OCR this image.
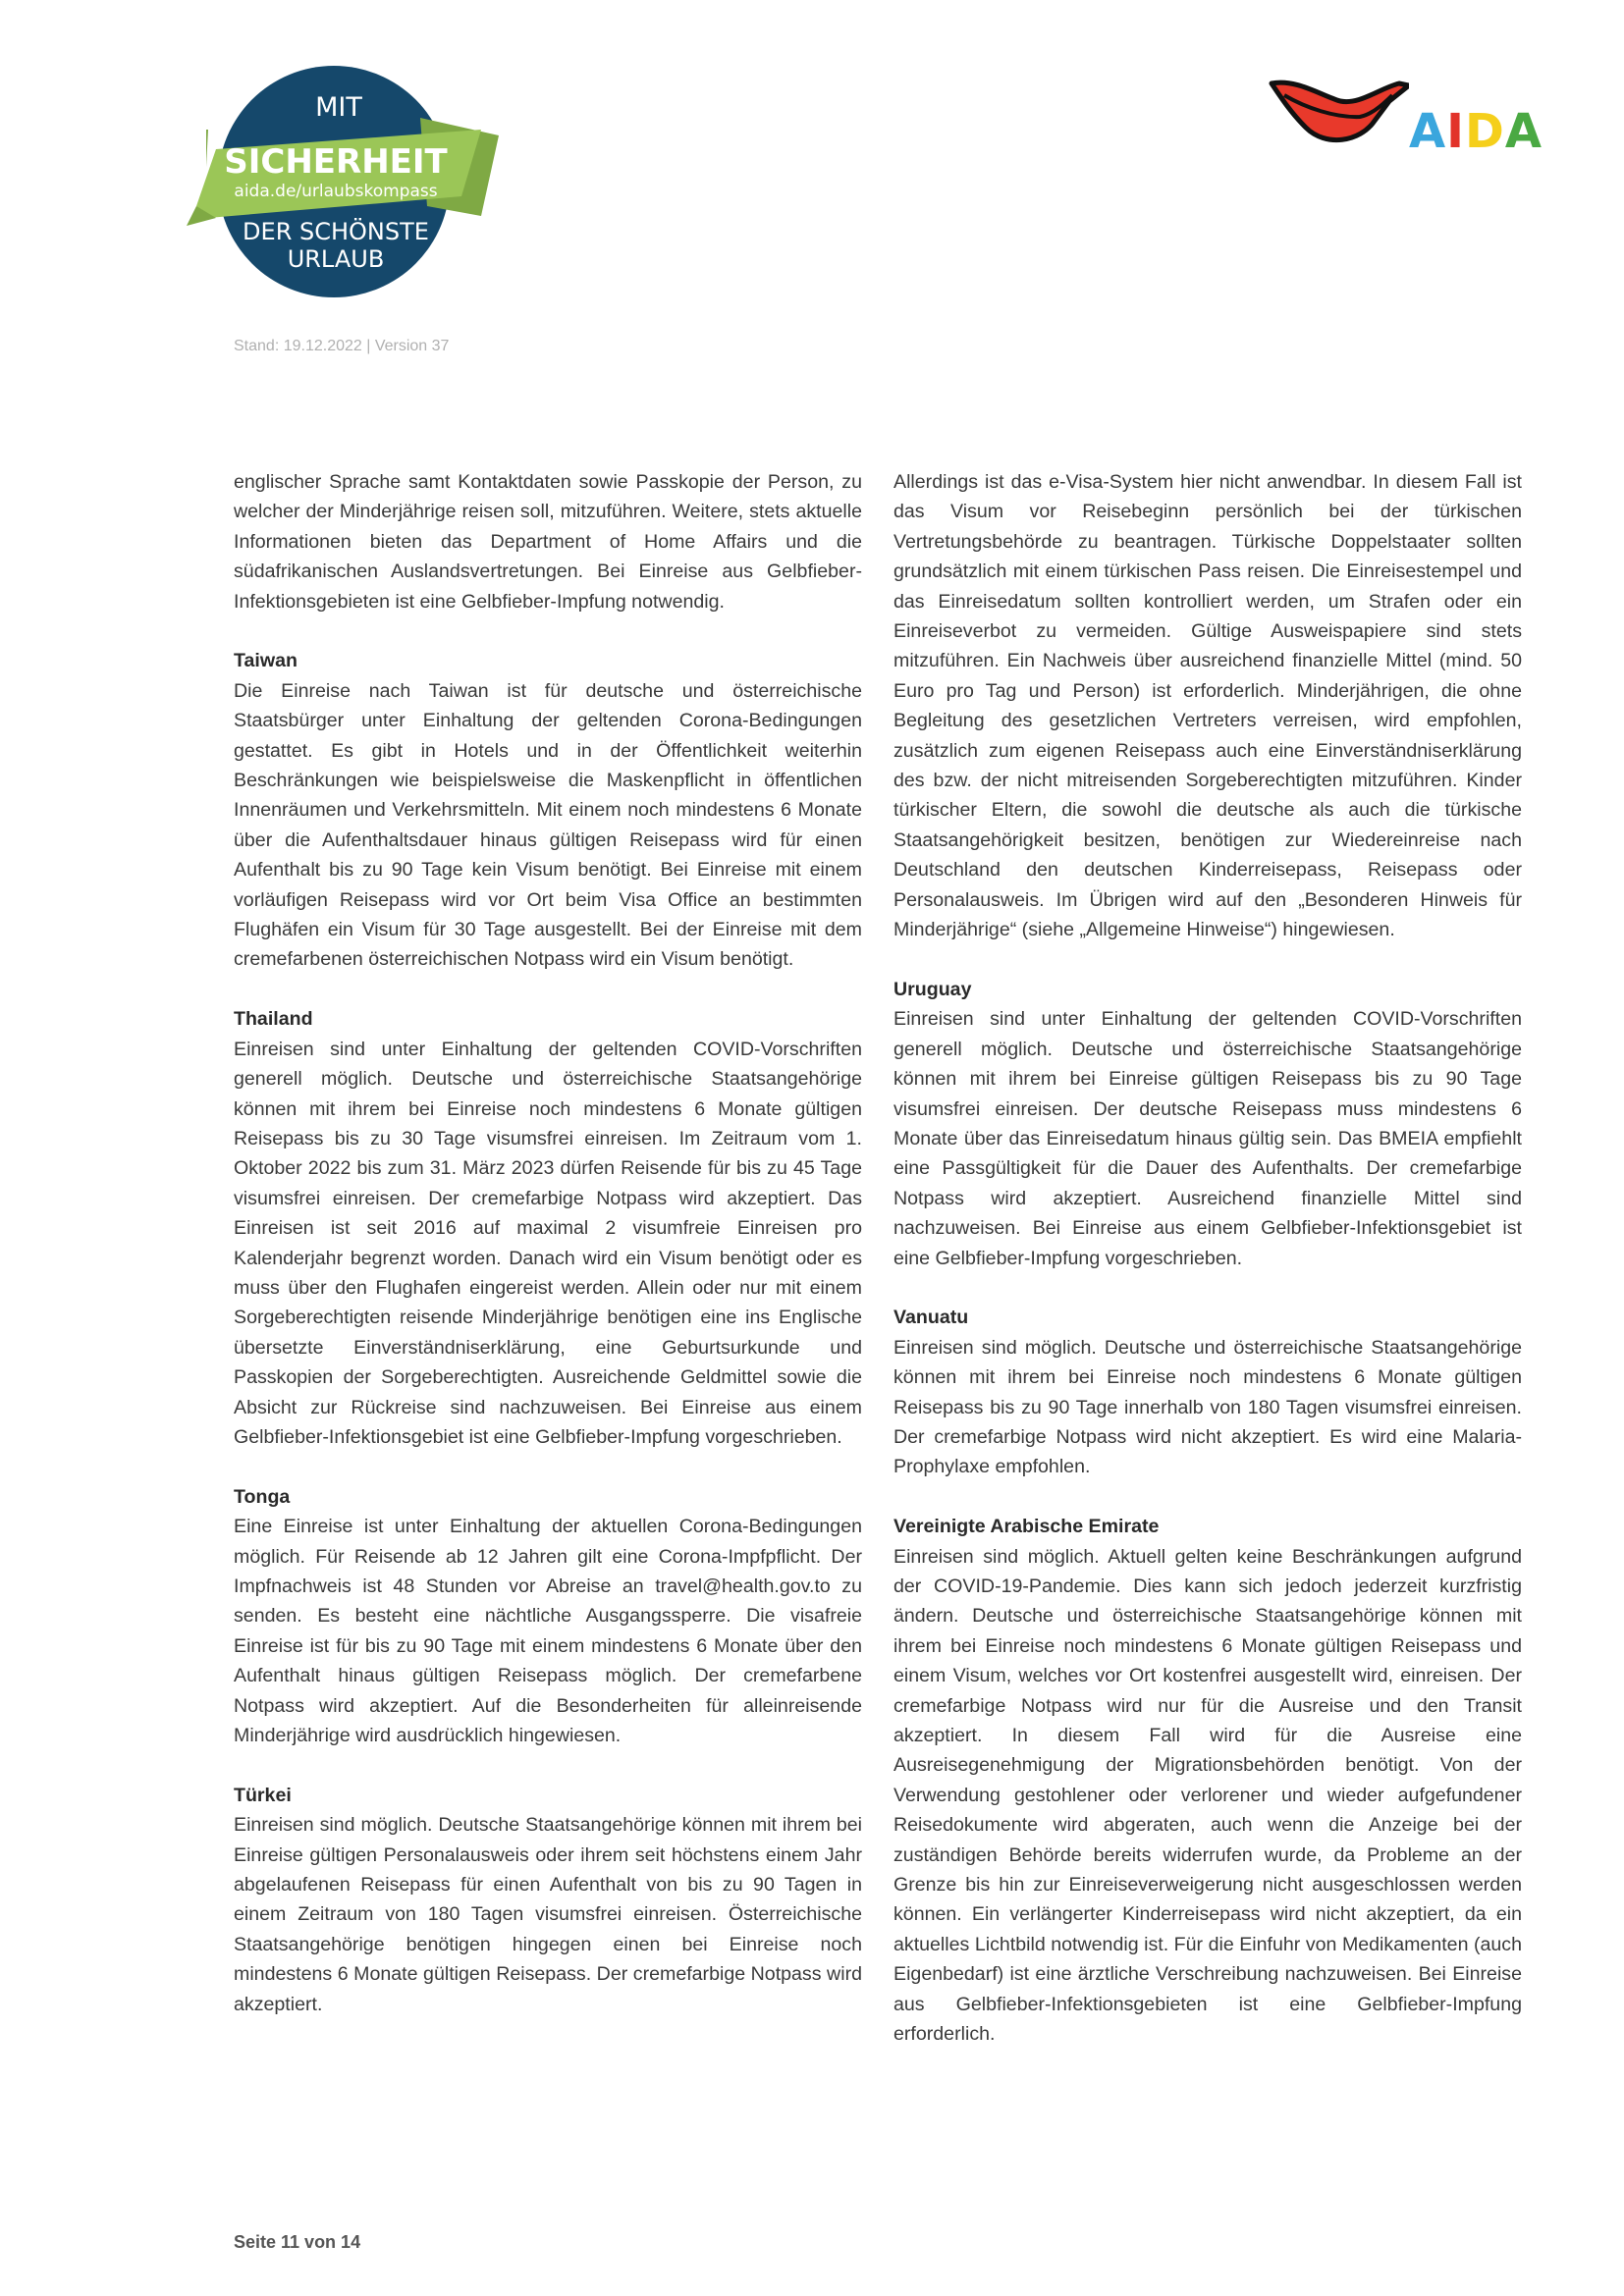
MIT
SICHERHEIT
aida.de/urlaubskompass
DER SCHÖNSTE
URLAUB
Stand: 19.12.2022 | Version 37
AIDA

englischer Sprache samt Kontaktdaten sowie Passkopie der Person, zu welcher der Minderjährige reisen soll, mitzuführen. Weitere, stets aktuelle Informationen bieten das Department of Home Affairs und die südafrikanischen Auslandsvertretungen. Bei Einreise aus Gelbfieber-Infektionsgebieten ist eine Gelbfieber-Impfung notwendig.

Taiwan

Die Einreise nach Taiwan ist für deutsche und österreichische Staatsbürger unter Einhaltung der geltenden Corona-Bedingungen gestattet. Es gibt in Hotels und in der Öffentlichkeit weiterhin Beschränkungen wie beispielsweise die Maskenpflicht in öffentlichen Innenräumen und Verkehrsmitteln. Mit einem noch mindestens 6 Monate über die Aufenthaltsdauer hinaus gültigen Reisepass wird für einen Aufenthalt bis zu 90 Tage kein Visum benötigt. Bei Einreise mit einem vorläufigen Reisepass wird vor Ort beim Visa Office an bestimmten Flughäfen ein Visum für 30 Tage ausgestellt. Bei der Einreise mit dem cremefarbenen österreichischen Notpass wird ein Visum benötigt.

Thailand

Einreisen sind unter Einhaltung der geltenden COVID-Vorschriften generell möglich. Deutsche und österreichische Staatsangehörige können mit ihrem bei Einreise noch mindestens 6 Monate gültigen Reisepass bis zu 30 Tage visumsfrei einreisen. Im Zeitraum vom 1. Oktober 2022 bis zum 31. März 2023 dürfen Reisende für bis zu 45 Tage visumsfrei einreisen. Der cremefarbige Notpass wird akzeptiert. Das Einreisen ist seit 2016 auf maximal 2 visumfreie Einreisen pro Kalenderjahr begrenzt worden. Danach wird ein Visum benötigt oder es muss über den Flughafen eingereist werden. Allein oder nur mit einem Sorgeberechtigten reisende Minderjährige benötigen eine ins Englische übersetzte Einverständniserklärung, eine Geburtsurkunde und Passkopien der Sorgeberechtigten. Ausreichende Geldmittel sowie die Absicht zur Rückreise sind nachzuweisen. Bei Einreise aus einem Gelbfieber-Infektionsgebiet ist eine Gelbfieber-Impfung vorgeschrieben.

Tonga

Eine Einreise ist unter Einhaltung der aktuellen Corona-Bedingungen möglich. Für Reisende ab 12 Jahren gilt eine Corona-Impfpflicht. Der Impfnachweis ist 48 Stunden vor Abreise an travel@health.gov.to zu senden. Es besteht eine nächtliche Ausgangssperre. Die visafreie Einreise ist für bis zu 90 Tage mit einem mindestens 6 Monate über den Aufenthalt hinaus gültigen Reisepass möglich. Der cremefarbene Notpass wird akzeptiert. Auf die Besonderheiten für alleinreisende Minderjährige wird ausdrücklich hingewiesen.

Türkei

Einreisen sind möglich. Deutsche Staatsangehörige können mit ihrem bei Einreise gültigen Personalausweis oder ihrem seit höchstens einem Jahr abgelaufenen Reisepass für einen Aufenthalt von bis zu 90 Tagen in einem Zeitraum von 180 Tagen visumsfrei einreisen. Österreichische Staatsangehörige benötigen hingegen einen bei Einreise noch mindestens 6 Monate gültigen Reisepass. Der cremefarbige Notpass wird akzeptiert.

Allerdings ist das e-Visa-System hier nicht anwendbar. In diesem Fall ist das Visum vor Reisebeginn persönlich bei der türkischen Vertretungsbehörde zu beantragen. Türkische Doppelstaater sollten grundsätzlich mit einem türkischen Pass reisen. Die Einreisestempel und das Einreisedatum sollten kontrolliert werden, um Strafen oder ein Einreiseverbot zu vermeiden. Gültige Ausweispapiere sind stets mitzuführen. Ein Nachweis über ausreichend finanzielle Mittel (mind. 50 Euro pro Tag und Person) ist erforderlich. Minderjährigen, die ohne Begleitung des gesetzlichen Vertreters verreisen, wird empfohlen, zusätzlich zum eigenen Reisepass auch eine Einverständniserklärung des bzw. der nicht mitreisenden Sorgeberechtigten mitzuführen. Kinder türkischer Eltern, die sowohl die deutsche als auch die türkische Staatsangehörigkeit besitzen, benötigen zur Wiedereinreise nach Deutschland den deutschen Kinderreisepass, Reisepass oder Personalausweis. Im Übrigen wird auf den „Besonderen Hinweis für Minderjährige“ (siehe „Allgemeine Hinweise“) hingewiesen.

Uruguay

Einreisen sind unter Einhaltung der geltenden COVID-Vorschriften generell möglich. Deutsche und österreichische Staatsangehörige können mit ihrem bei Einreise gültigen Reisepass bis zu 90 Tage visumsfrei einreisen. Der deutsche Reisepass muss mindestens 6 Monate über das Einreisedatum hinaus gültig sein. Das BMEIA empfiehlt eine Passgültigkeit für die Dauer des Aufenthalts. Der cremefarbige Notpass wird akzeptiert. Ausreichend finanzielle Mittel sind nachzuweisen. Bei Einreise aus einem Gelbfieber-Infektionsgebiet ist eine Gelbfieber-Impfung vorgeschrieben.

Vanuatu

Einreisen sind möglich. Deutsche und österreichische Staatsangehörige können mit ihrem bei Einreise noch mindestens 6 Monate gültigen Reisepass bis zu 90 Tage innerhalb von 180 Tagen visumsfrei einreisen. Der cremefarbige Notpass wird nicht akzeptiert. Es wird eine Malaria-Prophylaxe empfohlen.

Vereinigte Arabische Emirate

Einreisen sind möglich. Aktuell gelten keine Beschränkungen aufgrund der COVID-19-Pandemie. Dies kann sich jedoch jederzeit kurzfristig ändern. Deutsche und österreichische Staatsangehörige können mit ihrem bei Einreise noch mindestens 6 Monate gültigen Reisepass und einem Visum, welches vor Ort kostenfrei ausgestellt wird, einreisen. Der cremefarbige Notpass wird nur für die Ausreise und den Transit akzeptiert. In diesem Fall wird für die Ausreise eine Ausreisegenehmigung der Migrationsbehörden benötigt. Von der Verwendung gestohlener oder verlorener und wieder aufgefundener Reisedokumente wird abgeraten, auch wenn die Anzeige bei der zuständigen Behörde bereits widerrufen wurde, da Probleme an der Grenze bis hin zur Einreiseverweigerung nicht ausgeschlossen werden können. Ein verlängerter Kinderreisepass wird nicht akzeptiert, da ein aktuelles Lichtbild notwendig ist. Für die Einfuhr von Medikamenten (auch Eigenbedarf) ist eine ärztliche Verschreibung nachzuweisen. Bei Einreise aus Gelbfieber-Infektionsgebieten ist eine Gelbfieber-Impfung erforderlich.

Seite 11 von 14
